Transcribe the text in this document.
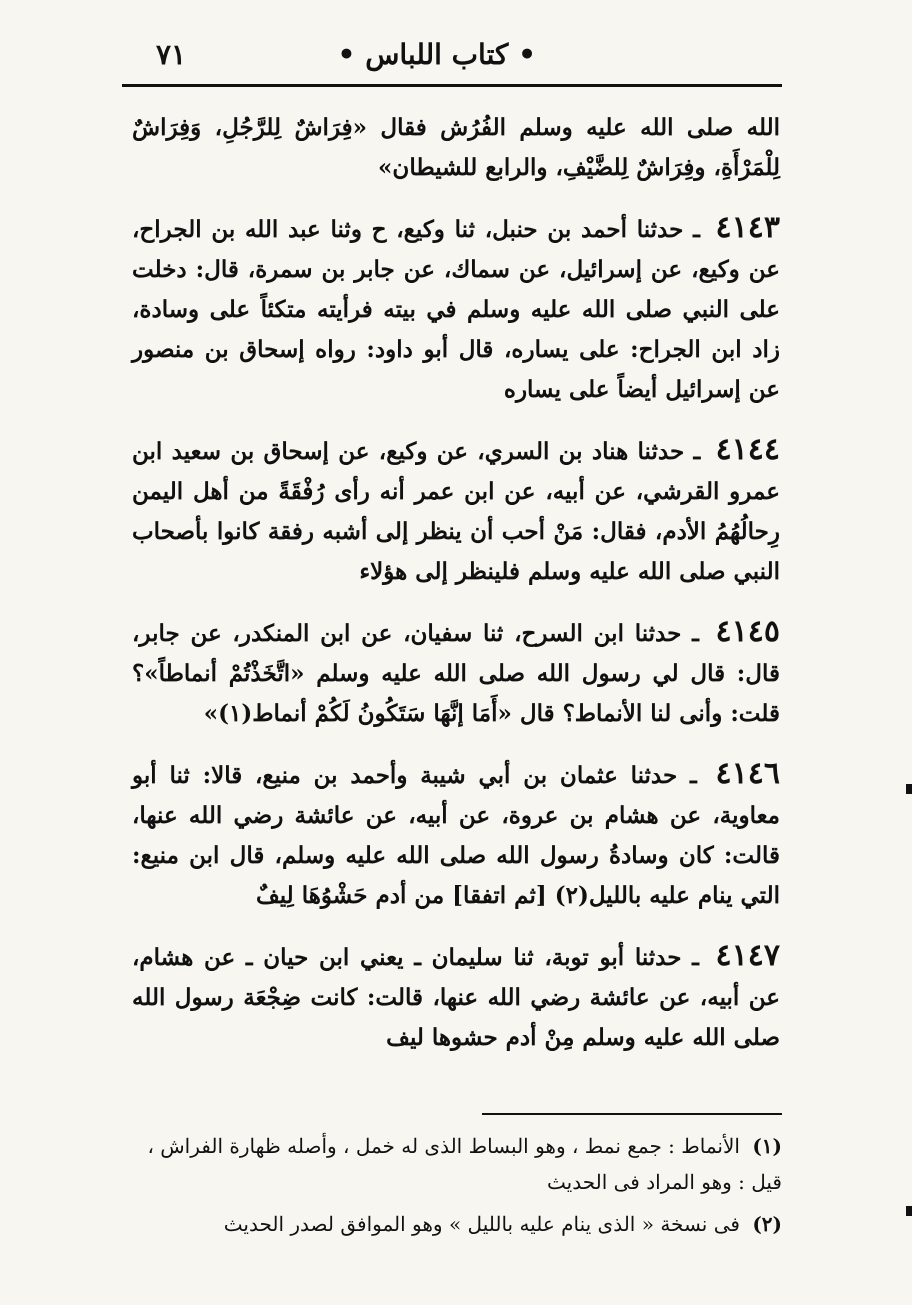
٧١	• كتاب اللباس •

الله صلى الله عليه وسلم الفُرُش فقال «فِرَاشٌ لِلرَّجُلِ، وَفِرَاشٌ لِلْمَرْأَةِ، وفِرَاشٌ لِلضَّيْفِ، والرابع للشيطان»

٤١٤٣ ـ حدثنا أحمد بن حنبل، ثنا وكيع، ح وثنا عبد الله بن الجراح، عن وكيع، عن إسرائيل، عن سماك، عن جابر بن سمرة، قال: دخلت على النبي صلى الله عليه وسلم في بيته فرأيته متكئاً على وسادة، زاد ابن الجراح: على يساره، قال أبو داود: رواه إسحاق بن منصور عن إسرائيل أيضاً على يساره

٤١٤٤ ـ حدثنا هناد بن السري، عن وكيع، عن إسحاق بن سعيد ابن عمرو القرشي، عن أبيه، عن ابن عمر أنه رأى رُفْقَةً من أهل اليمن رِحالُهُمُ الأدم، فقال: مَنْ أحب أن ينظر إلى أشبه رفقة كانوا بأصحاب النبي صلى الله عليه وسلم فلينظر إلى هؤلاء

٤١٤٥ ـ حدثنا ابن السرح، ثنا سفيان، عن ابن المنكدر، عن جابر، قال: قال لي رسول الله صلى الله عليه وسلم «اتَّخَذْتُمْ أنماطاً»؟ قلت: وأنى لنا الأنماط؟ قال «أَمَا إنَّهَا سَتَكُونُ لَكُمْ أنماط(١)»

٤١٤٦ ـ حدثنا عثمان بن أبي شيبة وأحمد بن منيع، قالا: ثنا أبو معاوية، عن هشام بن عروة، عن أبيه، عن عائشة رضي الله عنها، قالت: كان وسادةُ رسول الله صلى الله عليه وسلم، قال ابن منيع: التي ينام عليه بالليل(٢) [ثم اتفقا] من أدم حَشْوُهَا لِيفٌ

٤١٤٧ ـ حدثنا أبو توبة، ثنا سليمان ـ يعني ابن حيان ـ عن هشام، عن أبيه، عن عائشة رضي الله عنها، قالت: كانت ضِجْعَة رسول الله صلى الله عليه وسلم مِنْ أدم حشوها ليف

(١) الأنماط : جمع نمط ، وهو البساط الذى له خمل ، وأصله ظهارة الفراش ، قيل : وهو المراد فى الحديث

(٢) فى نسخة « الذى ينام عليه بالليل » وهو الموافق لصدر الحديث
